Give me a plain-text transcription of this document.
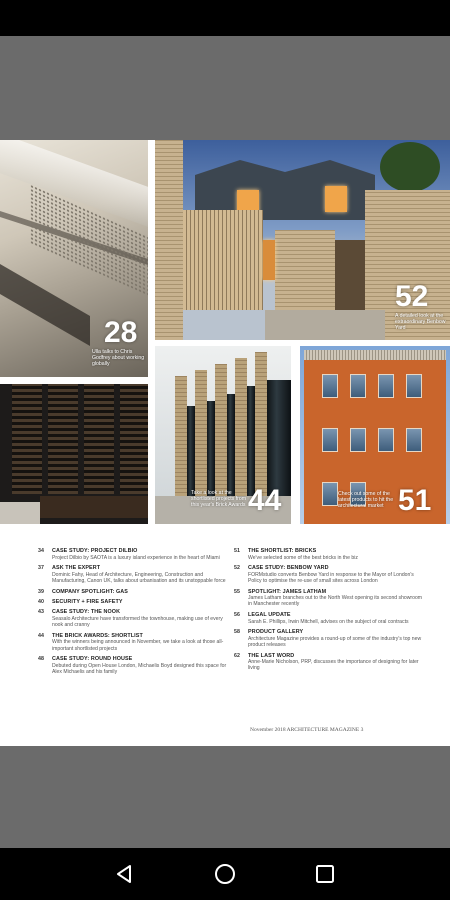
28
Ulla talks to Chris Godfrey about working globally
52
A detailed look at the extraordinary Benbow Yard
44
Take a look at the shortlisted projects from this year's Brick Awards	51
Check out some of the latest products to hit the architectural market
34 CASE STUDY: PROJECT DILBIO
Project Dilbio by SAOTA is a luxury island experience in the heart of Miami
37 ASK THE EXPERT
Dominic Fahy, Head of Architecture, Engineering, Construction and Manufacturing, Canon UK, talks about urbanisation and its unstoppable force
39 COMPANY SPOTLIGHT: GAS
40 SECURITY + FIRE SAFETY
43 CASE STUDY: THE NOOK
Seasalo Architecture have transformed the townhouse, making use of every nook and cranny
44 THE BRICK AWARDS: SHORTLIST
With the winners being announced in November, we take a look at those all-important shortlisted projects
48 CASE STUDY: ROUND HOUSE
Debuted during Open House London, Michaelis Boyd designed this space for Alex Michaelis and his family
51 THE SHORTLIST: BRICKS
We've selected some of the best bricks in the biz
52 CASE STUDY: BENBOW YARD
FORMstudio converts Benbow Yard in response to the Mayor of London's Policy to optimise the re-use of small sites across London
55 SPOTLIGHT: JAMES LATHAM
James Latham branches out to the North West opening its second showroom in Manchester recently
56 LEGAL UPDATE
Sarah E. Phillips, Irwin Mitchell, advises on the subject of oral contracts
58 PRODUCT GALLERY
Architecture Magazine provides a round-up of some of the industry's top new product releases
62 THE LAST WORD
Anne-Marie Nicholson, PRP, discusses the importance of designing for later living
November 2018 ARCHITECTURE MAGAZINE 3
